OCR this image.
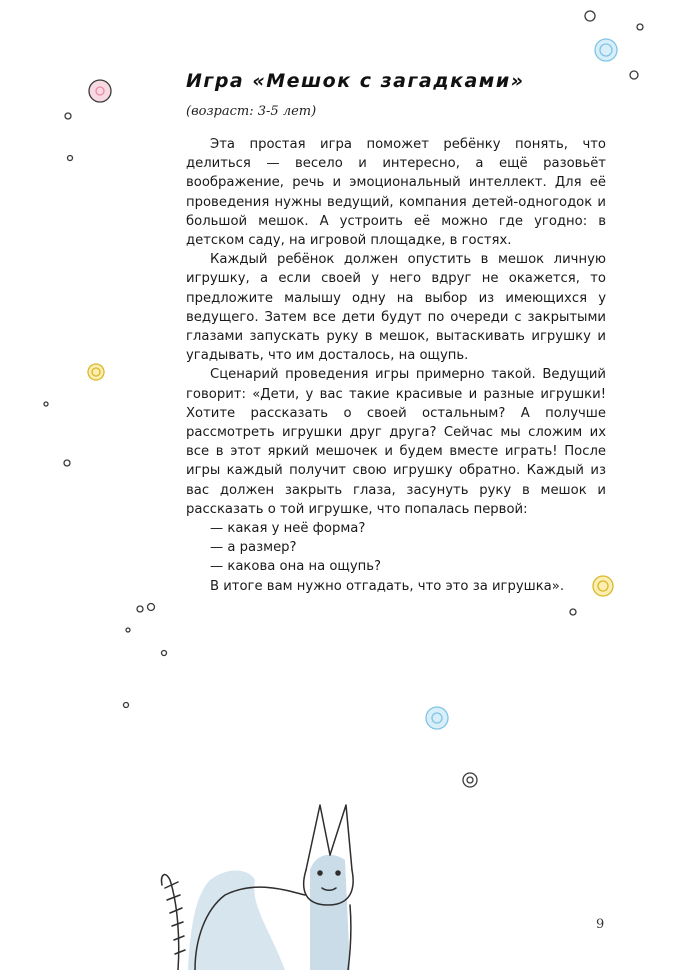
Игра «Мешок с загадками»
(возраст: 3-5 лет)

Эта простая игра поможет ребёнку понять, что делиться — весело и интересно, а ещё разовьёт воображение, речь и эмоциональный интеллект. Для её проведения нужны ведущий, компания детей-одногодок и большой мешок. А устроить её можно где угодно: в детском саду, на игровой площадке, в гостях.

Каждый ребёнок должен опустить в мешок личную игрушку, а если своей у него вдруг не окажется, то предложите малышу одну на выбор из имеющихся у ведущего. Затем все дети будут по очереди с закрытыми глазами запускать руку в мешок, вытаскивать игрушку и угадывать, что им досталось, на ощупь.

Сценарий проведения игры примерно такой. Ведущий говорит: «Дети, у вас такие красивые и разные игрушки! Хотите рассказать о своей остальным? А получше рассмотреть игрушки друг друга? Сейчас мы сложим их все в этот яркий мешочек и будем вместе играть! После игры каждый получит свою игрушку обратно. Каждый из вас должен закрыть глаза, засунуть руку в мешок и рассказать о той игрушке, что попалась первой:

— какая у неё форма?

— а размер?

— какова она на ощупь?

В итоге вам нужно отгадать, что это за игрушка».

9
